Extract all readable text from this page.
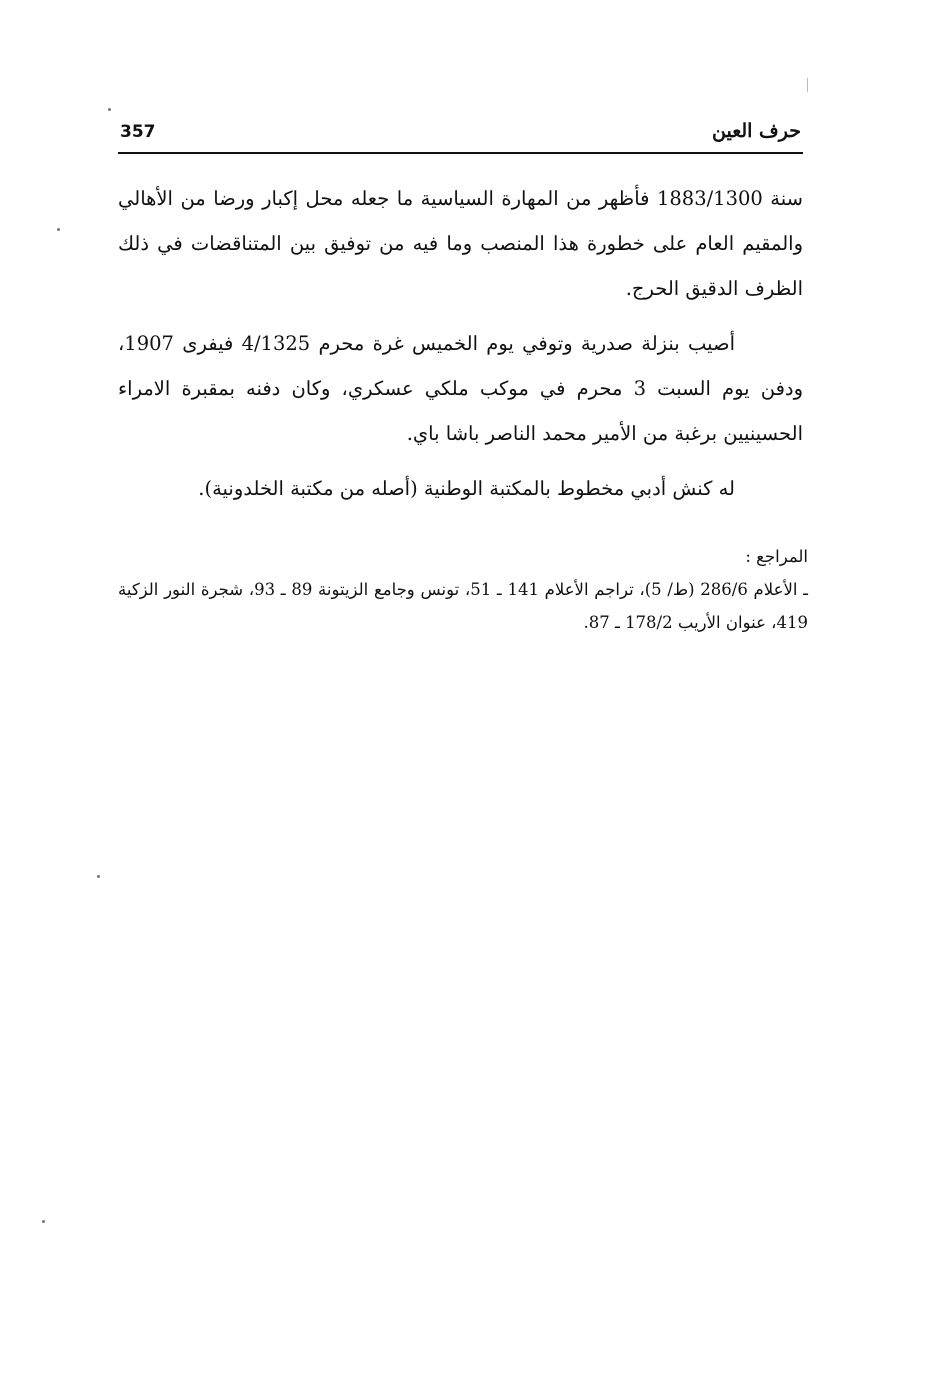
357	حرف العين

سنة 1883/1300 فأظهر من المهارة السياسية ما جعله محل إكبار ورضا من الأهالي والمقيم العام على خطورة هذا المنصب وما فيه من توفيق بين المتناقضات في ذلك الظرف الدقيق الحرج.

أصيب بنزلة صدرية وتوفي يوم الخميس غرة محرم 4/1325 فيفرى 1907، ودفن يوم السبت 3 محرم في موكب ملكي عسكري، وكان دفنه بمقبرة الامراء الحسينيين برغبة من الأمير محمد الناصر باشا باي.

له كنش أدبي مخطوط بالمكتبة الوطنية (أصله من مكتبة الخلدونية).

المراجع :

ـ الأعلام 286/6 (ط/ 5)، تراجم الأعلام 141 ـ 51، تونس وجامع الزيتونة 89 ـ 93، شجرة النور الزكية 419، عنوان الأريب 178/2 ـ 87.
